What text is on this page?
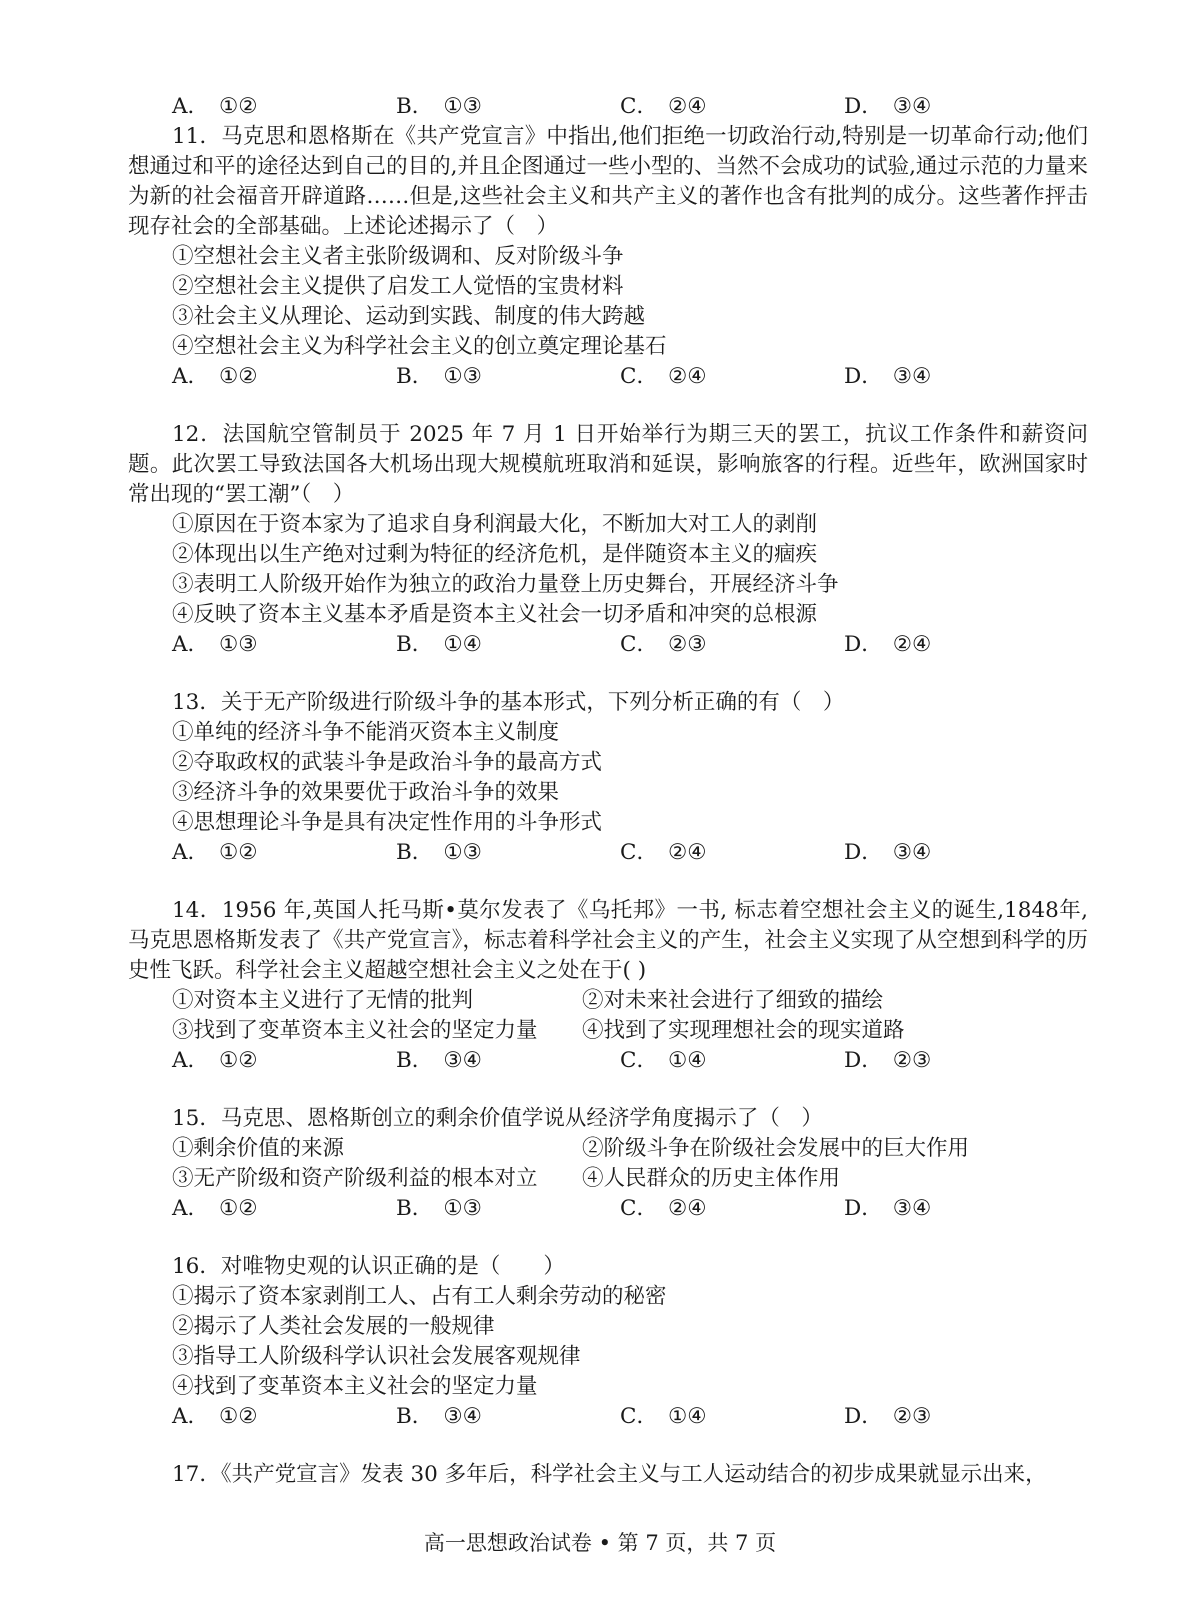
A． ①②	B． ①③	C． ②④	D． ③④

11．马克思和恩格斯在《共产党宣言》中指出,他们拒绝一切政治行动,特别是一切革命行动;他们想通过和平的途径达到自己的目的,并且企图通过一些小型的、当然不会成功的试验,通过示范的力量来为新的社会福音开辟道路……但是,这些社会主义和共产主义的著作也含有批判的成分。这些著作抨击现存社会的全部基础。上述论述揭示了（　）

①空想社会主义者主张阶级调和、反对阶级斗争

②空想社会主义提供了启发工人觉悟的宝贵材料

③社会主义从理论、运动到实践、制度的伟大跨越

④空想社会主义为科学社会主义的创立奠定理论基石

A． ①②	B． ①③	C． ②④	D． ③④

12．法国航空管制员于 2025 年 7 月 1 日开始举行为期三天的罢工，抗议工作条件和薪资问题。此次罢工导致法国各大机场出现大规模航班取消和延误，影响旅客的行程。近些年，欧洲国家时常出现的“罢工潮”（　）

①原因在于资本家为了追求自身利润最大化，不断加大对工人的剥削

②体现出以生产绝对过剩为特征的经济危机，是伴随资本主义的痼疾

③表明工人阶级开始作为独立的政治力量登上历史舞台，开展经济斗争

④反映了资本主义基本矛盾是资本主义社会一切矛盾和冲突的总根源

A． ①③	B． ①④	C． ②③	D． ②④

13．关于无产阶级进行阶级斗争的基本形式，下列分析正确的有（　）

①单纯的经济斗争不能消灭资本主义制度

②夺取政权的武装斗争是政治斗争的最高方式

③经济斗争的效果要优于政治斗争的效果

④思想理论斗争是具有决定性作用的斗争形式

A． ①②	B． ①③	C． ②④	D． ③④

14．1956 年,英国人托马斯•莫尔发表了《乌托邦》一书, 标志着空想社会主义的诞生,1848年,马克思恩格斯发表了《共产党宣言》，标志着科学社会主义的产生，社会主义实现了从空想到科学的历史性飞跃。科学社会主义超越空想社会主义之处在于( )

①对资本主义进行了无情的批判	②对未来社会进行了细致的描绘
③找到了变革资本主义社会的坚定力量	④找到了实现理想社会的现实道路
A． ①②	B． ③④	C． ①④	D． ②③

15．马克思、恩格斯创立的剩余价值学说从经济学角度揭示了（　）

①剩余价值的来源	②阶级斗争在阶级社会发展中的巨大作用
③无产阶级和资产阶级利益的根本对立	④人民群众的历史主体作用
A． ①②	B． ①③	C． ②④	D． ③④

16．对唯物史观的认识正确的是（　　）

①揭示了资本家剥削工人、占有工人剩余劳动的秘密

②揭示了人类社会发展的一般规律

③指导工人阶级科学认识社会发展客观规律

④找到了变革资本主义社会的坚定力量

A． ①②	B． ③④	C． ①④	D． ②③

17．《共产党宣言》发表 30 多年后，科学社会主义与工人运动结合的初步成果就显示出来，

高一思想政治试卷 • 第 7 页，共 7 页
